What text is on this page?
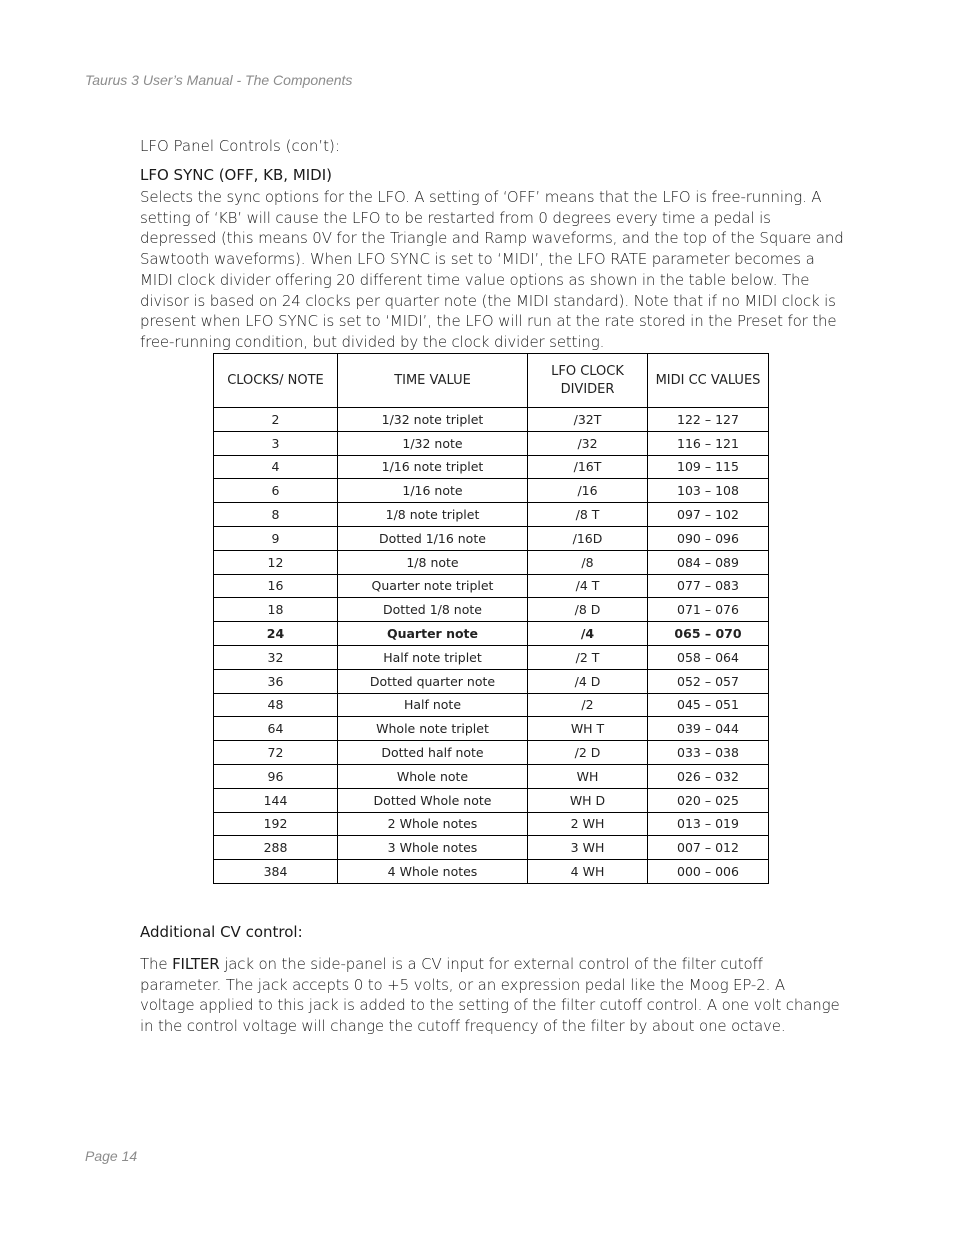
Taurus 3 User’s Manual - The Components
LFO Panel Controls (con’t):
LFO SYNC (OFF, KB, MIDI)
Selects the sync options for the LFO. A setting of ‘OFF’ means that the LFO is free-running. A setting of ‘KB’ will cause the LFO to be restarted from 0 degrees every time a pedal is depressed (this means 0V for the Triangle and Ramp waveforms, and the top of the Square and Sawtooth waveforms). When LFO SYNC is set to ‘MIDI’, the LFO RATE parameter becomes a MIDI clock divider offering 20 different time value options as shown in the table below. The divisor is based on 24 clocks per quarter note (the MIDI standard). Note that if no MIDI clock is present when LFO SYNC is set to ‘MIDI’, the LFO will run at the rate stored in the Preset for the free-running condition, but divided by the clock divider setting.
CLOCKS/ NOTE	TIME VALUE	LFO CLOCK DIVIDER	MIDI CC VALUES
2	1/32 note triplet	/32T	122 – 127
3	1/32 note	/32	116 – 121
4	1/16 note triplet	/16T	109 – 115
6	1/16 note	/16	103 – 108
8	1/8 note triplet	/8 T	097 – 102
9	Dotted 1/16 note	/16D	090 – 096
12	1/8 note	/8	084 – 089
16	Quarter note triplet	/4 T	077 – 083
18	Dotted 1/8 note	/8 D	071 – 076
24	Quarter note	/4	065 – 070
32	Half note triplet	/2 T	058 – 064
36	Dotted quarter note	/4 D	052 – 057
48	Half note	/2	045 – 051
64	Whole note triplet	WH T	039 – 044
72	Dotted half note	/2 D	033 – 038
96	Whole note	WH	026 – 032
144	Dotted Whole note	WH D	020 – 025
192	2 Whole notes	2 WH	013 – 019
288	3 Whole notes	3 WH	007 – 012
384	4 Whole notes	4 WH	000 – 006
Additional CV control:
The FILTER jack on the side-panel is a CV input for external control of the filter cutoff parameter. The jack accepts 0 to +5 volts, or an expression pedal like the Moog EP-2. A voltage applied to this jack is added to the setting of the filter cutoff control. A one volt change in the control voltage will change the cutoff frequency of the filter by about one octave.
Page 14
